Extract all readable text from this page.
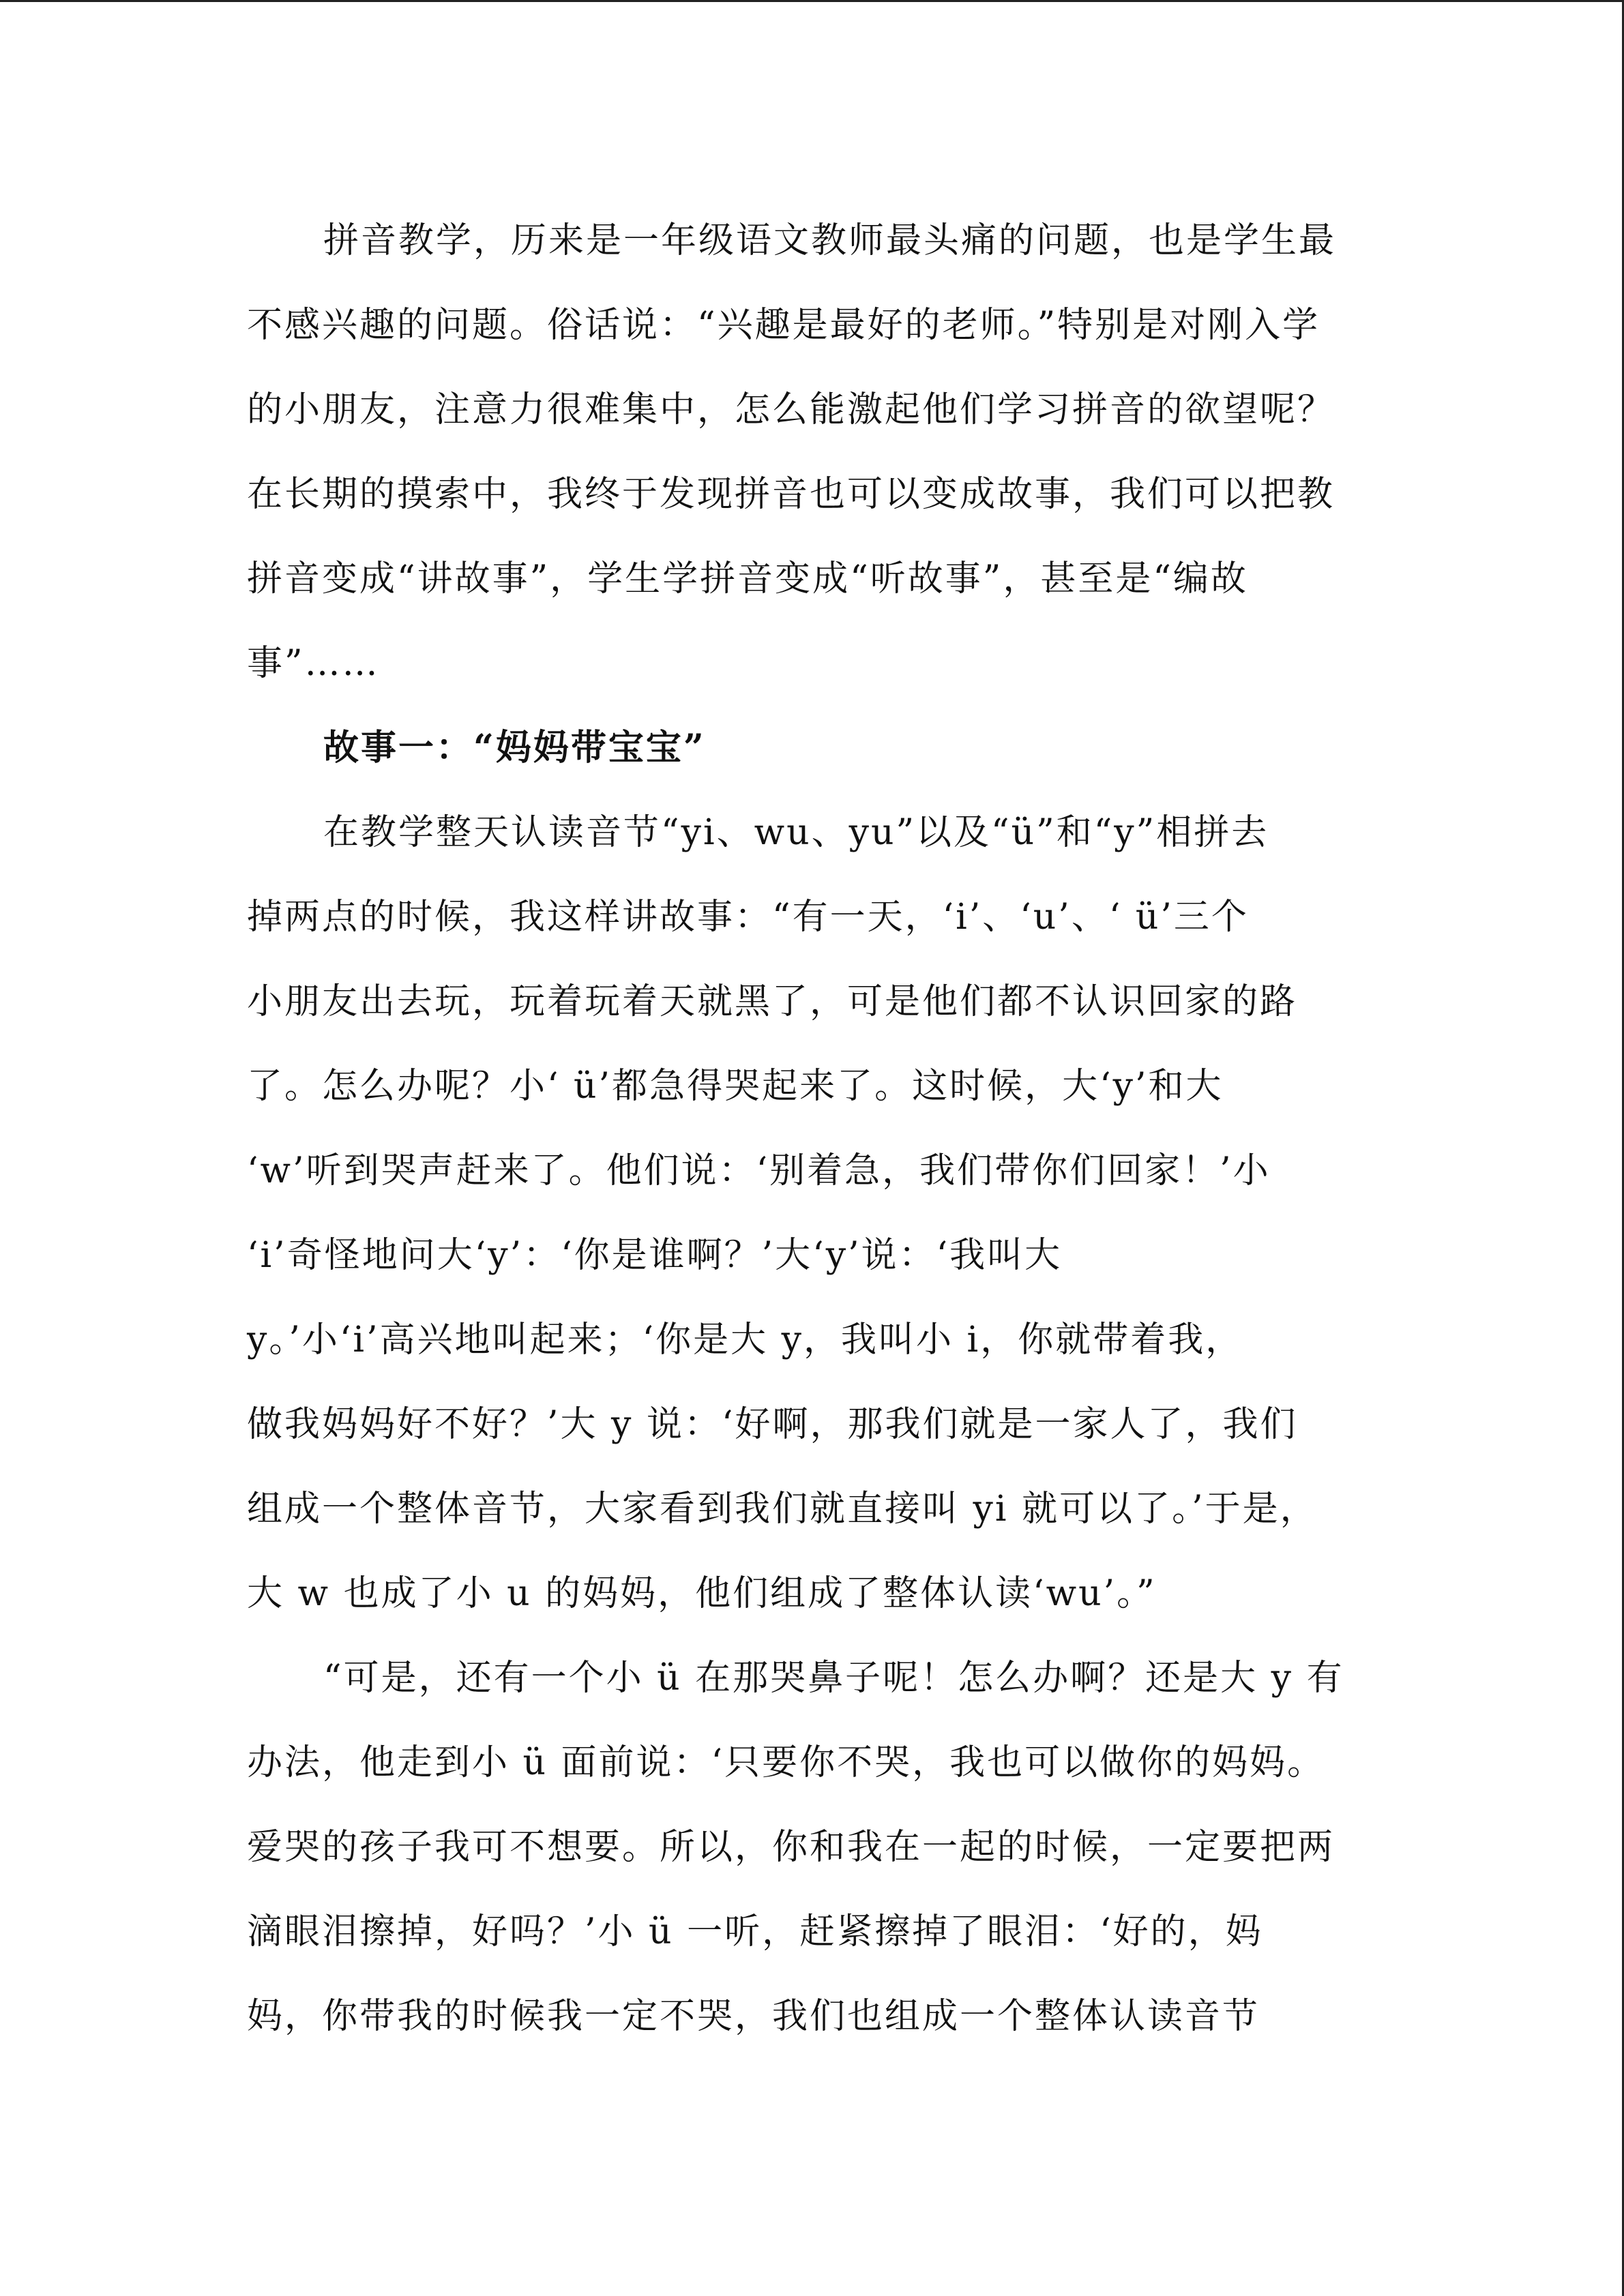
拼音教学，历来是一年级语文教师最头痛的问题，也是学生最
不感兴趣的问题。俗话说：“兴趣是最好的老师。”特别是对刚入学
的小朋友，注意力很难集中，怎么能激起他们学习拼音的欲望呢？
在长期的摸索中，我终于发现拼音也可以变成故事，我们可以把教
拼音变成“讲故事”，学生学拼音变成“听故事”，甚至是“编故
事”……
故事一：“妈妈带宝宝”
在教学整天认读音节“yi、wu、yu”以及“ü”和“y”相拼去
掉两点的时候，我这样讲故事：“有一天，‘i’、‘u’、‘ ü’三个
小朋友出去玩，玩着玩着天就黑了，可是他们都不认识回家的路
了。怎么办呢？小‘ ü’都急得哭起来了。这时候，大‘y’和大
‘w’听到哭声赶来了。他们说：‘别着急，我们带你们回家！’小
‘i’奇怪地问大‘y’：‘你是谁啊？’大‘y’说：‘我叫大
y。’小‘i’高兴地叫起来；‘你是大 y，我叫小 i，你就带着我，
做我妈妈好不好？’大 y 说：‘好啊，那我们就是一家人了，我们
组成一个整体音节，大家看到我们就直接叫 yi 就可以了。’于是，
大 w 也成了小 u 的妈妈，他们组成了整体认读‘wu’。”
“可是，还有一个小 ü 在那哭鼻子呢！怎么办啊？还是大 y 有
办法，他走到小 ü 面前说：‘只要你不哭，我也可以做你的妈妈。
爱哭的孩子我可不想要。所以，你和我在一起的时候，一定要把两
滴眼泪擦掉，好吗？’小 ü 一听，赶紧擦掉了眼泪：‘好的，妈
妈，你带我的时候我一定不哭，我们也组成一个整体认读音节
